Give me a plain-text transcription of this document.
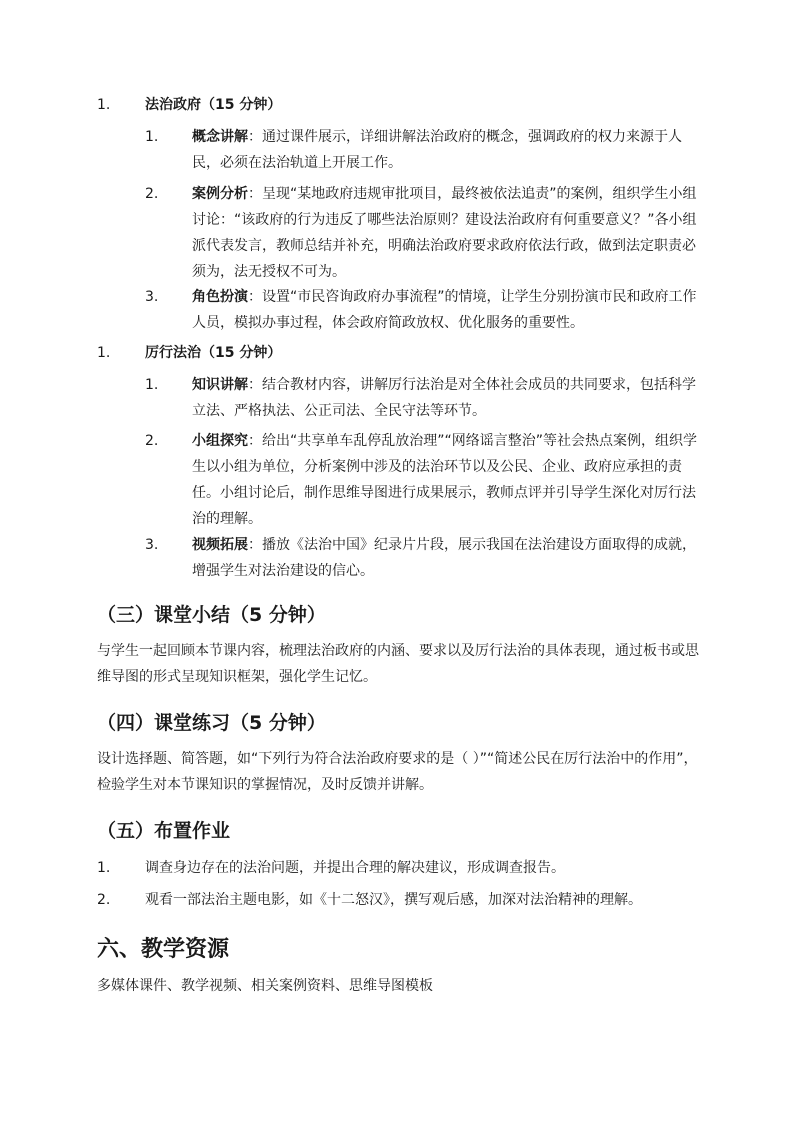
1. 法治政府（15 分钟）
1. 概念讲解：通过课件展示，详细讲解法治政府的概念，强调政府的权力来源于人民，必须在法治轨道上开展工作。
2. 案例分析：呈现“某地政府违规审批项目，最终被依法追责”的案例，组织学生小组讨论：“该政府的行为违反了哪些法治原则？建设法治政府有何重要意义？”各小组派代表发言，教师总结并补充，明确法治政府要求政府依法行政，做到法定职责必须为，法无授权不可为。
3. 角色扮演：设置“市民咨询政府办事流程”的情境，让学生分别扮演市民和政府工作人员，模拟办事过程，体会政府简政放权、优化服务的重要性。
1. 厉行法治（15 分钟）
1. 知识讲解：结合教材内容，讲解厉行法治是对全体社会成员的共同要求，包括科学立法、严格执法、公正司法、全民守法等环节。
2. 小组探究：给出“共享单车乱停乱放治理”“网络谣言整治”等社会热点案例，组织学生以小组为单位，分析案例中涉及的法治环节以及公民、企业、政府应承担的责任。小组讨论后，制作思维导图进行成果展示，教师点评并引导学生深化对厉行法治的理解。
3. 视频拓展：播放《法治中国》纪录片片段，展示我国在法治建设方面取得的成就，增强学生对法治建设的信心。
（三）课堂小结（5 分钟）
与学生一起回顾本节课内容，梳理法治政府的内涵、要求以及厉行法治的具体表现，通过板书或思维导图的形式呈现知识框架，强化学生记忆。
（四）课堂练习（5 分钟）
设计选择题、简答题，如“下列行为符合法治政府要求的是（ ）”“简述公民在厉行法治中的作用”，检验学生对本节课知识的掌握情况，及时反馈并讲解。
（五）布置作业
1. 调查身边存在的法治问题，并提出合理的解决建议，形成调查报告。
2. 观看一部法治主题电影，如《十二怒汉》，撰写观后感，加深对法治精神的理解。
六、教学资源
多媒体课件、教学视频、相关案例资料、思维导图模板
